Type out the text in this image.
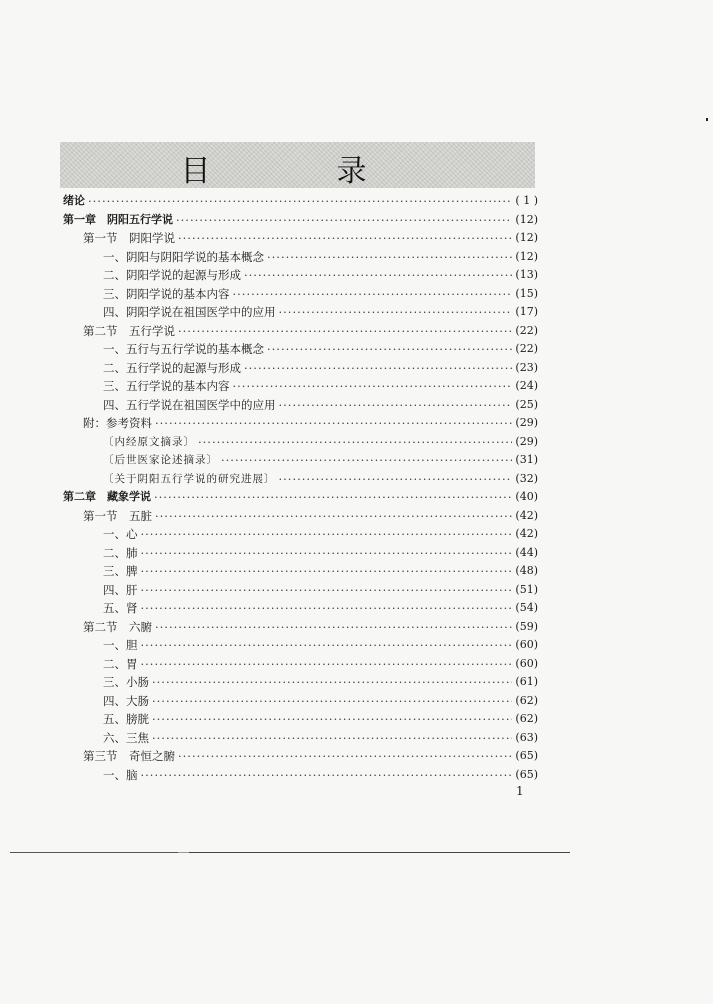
目　录
绪论 ·····	( 1 )
第一章　阴阳五行学说 ·····	(12)
第一节　阴阳学说 ·····	(12)
一、阴阳与阴阳学说的基本概念 ·····	(12)
二、阴阳学说的起源与形成 ·····	(13)
三、阴阳学说的基本内容 ·····	(15)
四、阴阳学说在祖国医学中的应用 ·····	(17)
第二节　五行学说 ·····	(22)
一、五行与五行学说的基本概念 ·····	(22)
二、五行学说的起源与形成 ·····	(23)
三、五行学说的基本内容 ·····	(24)
四、五行学说在祖国医学中的应用 ·····	(25)
附：参考资料 ·····	(29)
〔内经原文摘录〕 ·····	(29)
〔后世医家论述摘录〕 ·····	(31)
〔关于阴阳五行学说的研究进展〕 ·····	(32)
第二章　藏象学说 ·····	(40)
第一节　五脏 ·····	(42)
一、心 ·····	(42)
二、肺 ·····	(44)
三、脾 ·····	(48)
四、肝 ·····	(51)
五、肾 ·····	(54)
第二节　六腑 ·····	(59)
一、胆 ·····	(60)
二、胃 ·····	(60)
三、小肠 ·····	(61)
四、大肠 ·····	(62)
五、膀胱 ·····	(62)
六、三焦 ·····	(63)
第三节　奇恒之腑 ·····	(65)
一、脑 ·····	(65)
1
